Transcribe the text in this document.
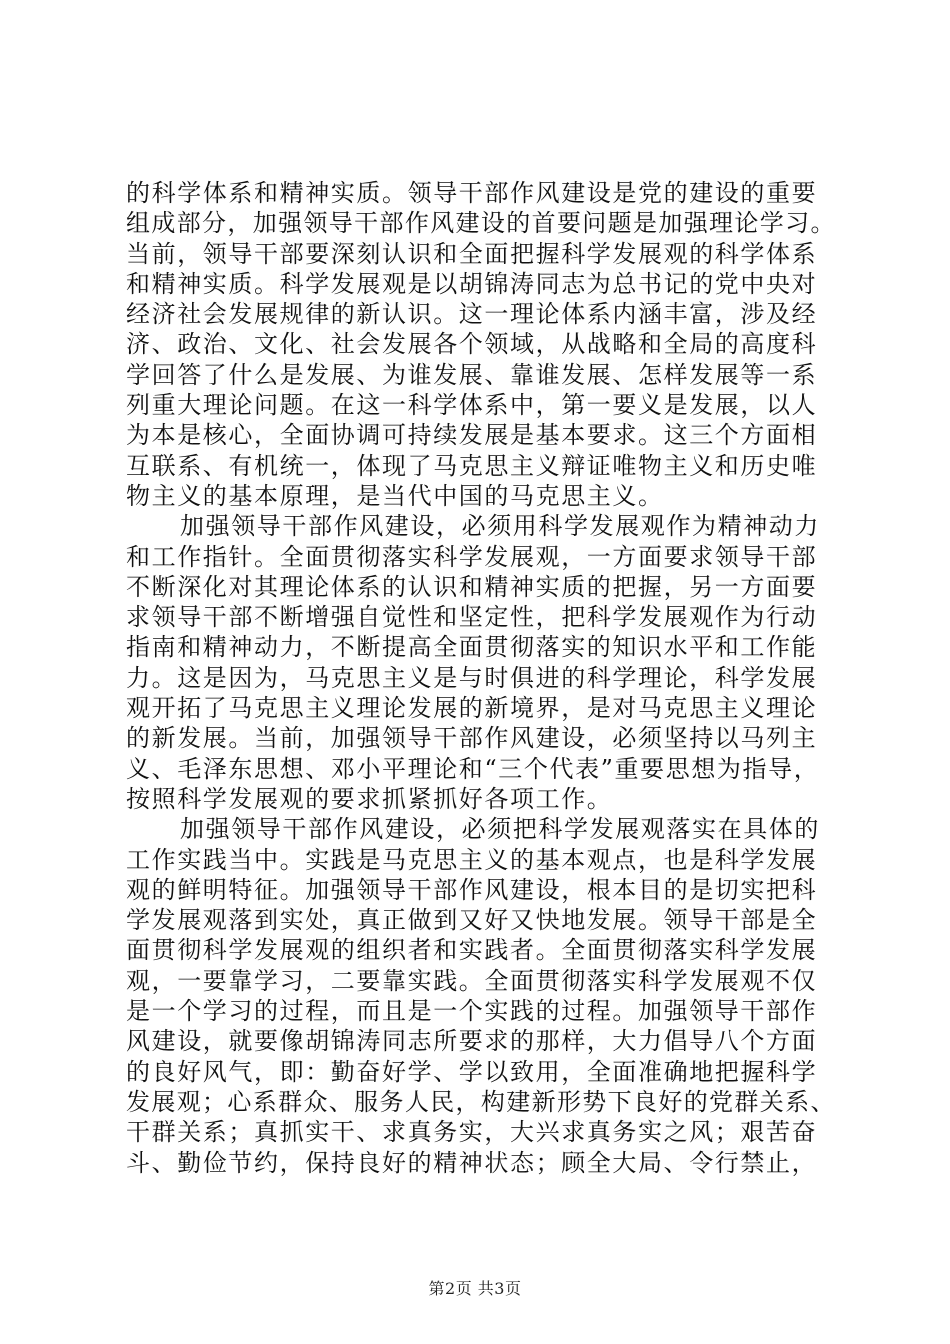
的科学体系和精神实质。领导干部作风建设是党的建设的重要
组成部分，加强领导干部作风建设的首要问题是加强理论学习。
当前，领导干部要深刻认识和全面把握科学发展观的科学体系
和精神实质。科学发展观是以胡锦涛同志为总书记的党中央对
经济社会发展规律的新认识。这一理论体系内涵丰富，涉及经
济、政治、文化、社会发展各个领域，从战略和全局的高度科
学回答了什么是发展、为谁发展、靠谁发展、怎样发展等一系
列重大理论问题。在这一科学体系中，第一要义是发展，以人
为本是核心，全面协调可持续发展是基本要求。这三个方面相
互联系、有机统一，体现了马克思主义辩证唯物主义和历史唯
物主义的基本原理，是当代中国的马克思主义。
加强领导干部作风建设，必须用科学发展观作为精神动力
和工作指针。全面贯彻落实科学发展观，一方面要求领导干部
不断深化对其理论体系的认识和精神实质的把握，另一方面要
求领导干部不断增强自觉性和坚定性，把科学发展观作为行动
指南和精神动力，不断提高全面贯彻落实的知识水平和工作能
力。这是因为，马克思主义是与时俱进的科学理论，科学发展
观开拓了马克思主义理论发展的新境界，是对马克思主义理论
的新发展。当前，加强领导干部作风建设，必须坚持以马列主
义、毛泽东思想、邓小平理论和“三个代表”重要思想为指导，
按照科学发展观的要求抓紧抓好各项工作。
加强领导干部作风建设，必须把科学发展观落实在具体的
工作实践当中。实践是马克思主义的基本观点，也是科学发展
观的鲜明特征。加强领导干部作风建设，根本目的是切实把科
学发展观落到实处，真正做到又好又快地发展。领导干部是全
面贯彻科学发展观的组织者和实践者。全面贯彻落实科学发展
观，一要靠学习，二要靠实践。全面贯彻落实科学发展观不仅
是一个学习的过程，而且是一个实践的过程。加强领导干部作
风建设，就要像胡锦涛同志所要求的那样，大力倡导八个方面
的良好风气，即：勤奋好学、学以致用，全面准确地把握科学
发展观；心系群众、服务人民，构建新形势下良好的党群关系、
干群关系；真抓实干、求真务实，大兴求真务实之风；艰苦奋
斗、勤俭节约，保持良好的精神状态；顾全大局、令行禁止，
第2页 共3页
